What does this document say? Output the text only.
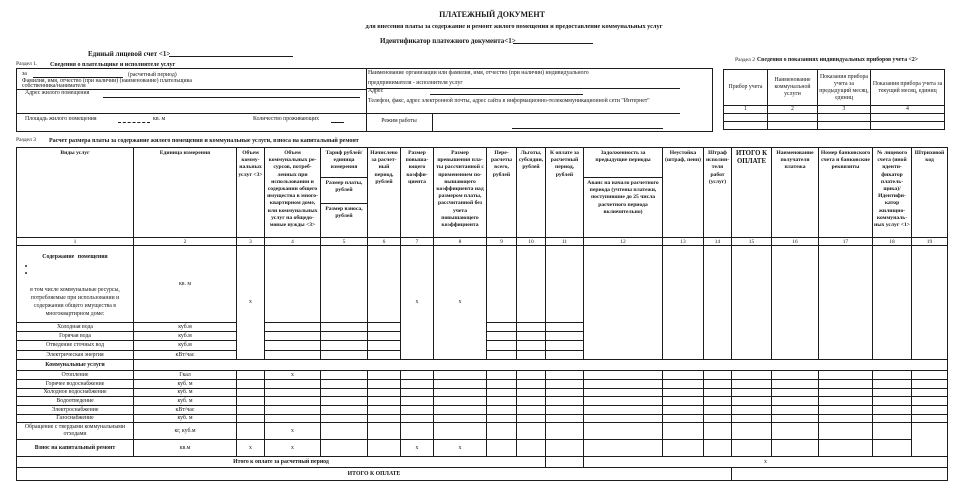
ПЛАТЕЖНЫЙ ДОКУМЕНТ
для внесения платы за содержание и ремонт жилого помещения и предоставление коммунальных услуг
Идентификатор платежного документа<1>
Единый лицевой счет <1>
Раздел 1. Сведения о плательщике и исполнителе услуг
за	(расчетный период)
Фамилия, имя, отчество (при наличии) (наименование) плательщика
собственника/нанимателя
Адрес жилого помещения
Площадь жилого помещения	кв. м	Количество проживающих
Наименование организации или фамилия, имя, отчество (при наличии) индивидуального
предпринимателя - исполнителя услуг
Адрес
Телефон, факс, адрес электронной почты, адрес сайта в информационно-телекоммуникационной сети "Интернет"
Режим работы
Раздел 2 Сведения о показаниях индивидуальных приборов учета <2>
Прибор учета	Наименование коммунальной услуги	Показания прибора учета за предыдущий месяц, единиц	Показания прибора учета за текущий месяц, единиц
1	2	3	4

Раздел 3 Расчет размера платы за содержание жилого помещения и коммунальные услуги, взноса на капитальный ремонт
Виды услуг	Единица измерения	Объем коммунальных услуг <3>	Объем коммунальных ресурсов, потребленных при использовании и содержании общего имущества в многоквартирном доме, или коммунальных услуг на общедомовые нужды <3>	Тариф рублей/единица измерения	Начислено за расчетный период, рублей	Размер повышающего коэффициента	Размер превышения платы рассчитанной с применением повышающего коэффициента над размером платы, рассчитанной без учета повышающего коэффициента	Перерасчеты всего, рублей	Льготы, субсидии, рублей	К оплате за расчетный период, рублей	Задолженность за предыдущие периоды	Неустойка (штраф, пени)	Штраф исполнителя работ (услуг)	ИТОГО К ОПЛАТЕ	Наименование получателя платежа	Номер банковского счета и банковские реквизиты	№ лицевого счета (иной идентификатор плательщика)/ Идентификатор жилищно-коммунальных услуг <1>	Штриховой код
				Размер платы, рублей							Аванс на начало расчетного периода (учтены платежи, поступившие до 25 числа расчетного периода включительно)							
				Размер взноса, рублей														
1	2	3	4	5	6	7	8	9	10	11	12	13	14	15	16	17	18	19

Содержание помещения
в том числе коммунальные ресурсы, потребляемые при использовании и содержании общего имущества в многоквартирном доме:	кв. м	x				x	x											
Холодная вода	куб.м																	
Горячая вода	куб.м																	
Отведение сточных вод	куб.м																	
Электрическая энергия	кВт/час																	
Коммунальные услуги																		
Отопление	Гкал		x															
Горячее водоснабжение	куб. м																	
Холодное водоснабжение	куб. м																	
Водоотведение	куб. м																	
Электроснабжение	кВт/час																	
Газоснабжение	куб. м																	
Обращение с твердыми коммунальными отходами	кг, куб.м		x															
Взнос на капитальный ремонт	кв.м	x	x			x	x											
Итого к оплате за расчетный период											x							
ИТОГО К ОПЛАТЕ																		
